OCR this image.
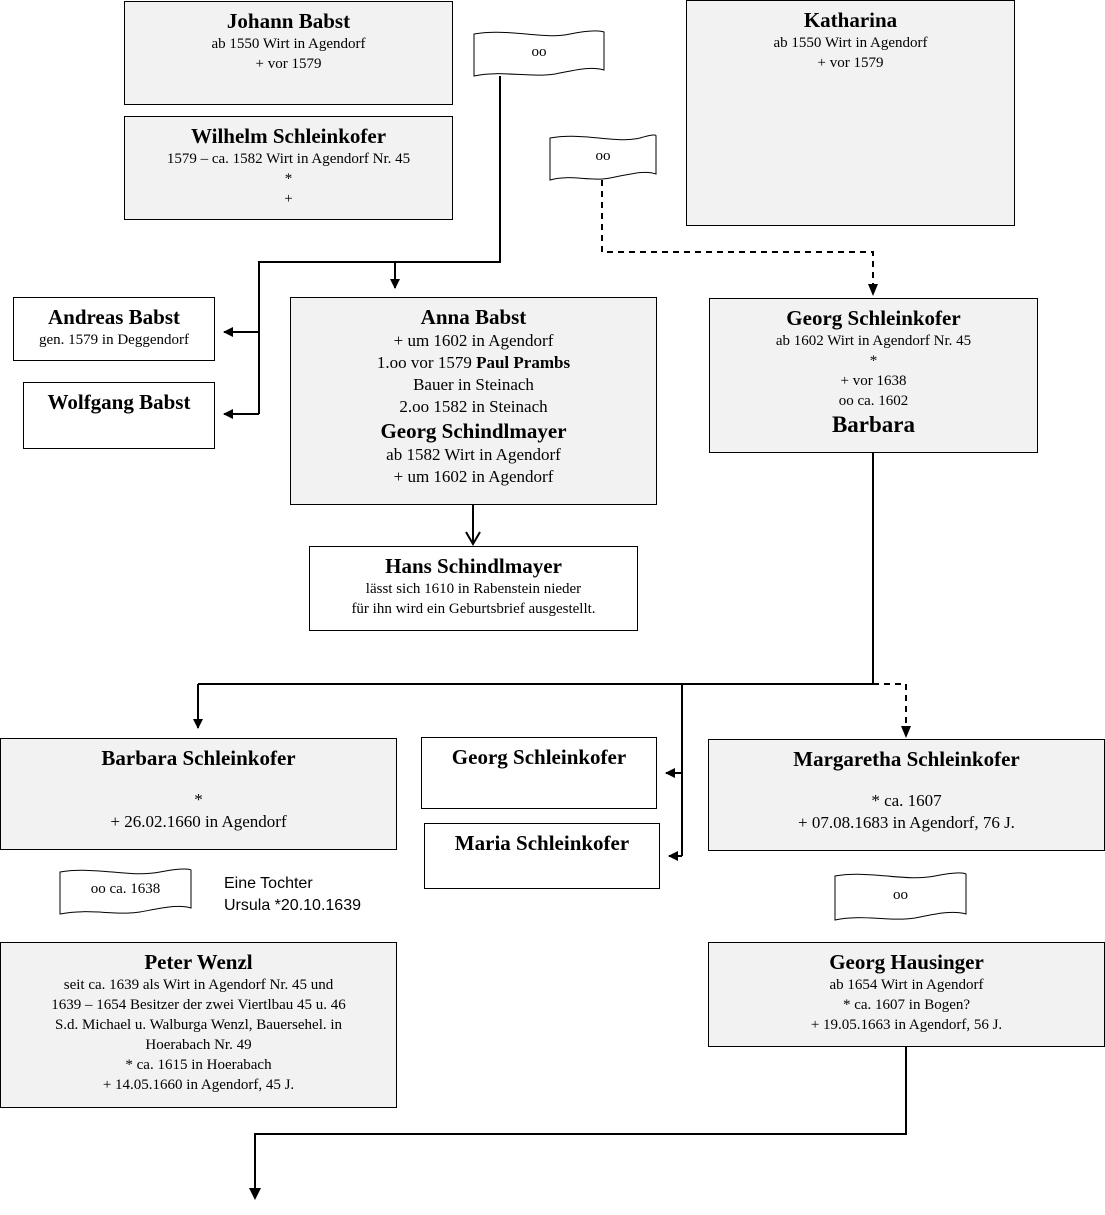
oo
oo
oo ca. 1638	oo
Johann Babst
ab 1550 Wirt in Agendorf
+ vor 1579
Wilhelm Schleinkofer
1579 – ca. 1582 Wirt in Agendorf Nr. 45
*
+
Katharina
ab 1550 Wirt in Agendorf
+ vor 1579
Andreas Babst
gen. 1579 in Deggendorf
Wolfgang Babst
Anna Babst
+ um 1602 in Agendorf
1.oo vor 1579 Paul Prambs
Bauer in Steinach
2.oo 1582 in Steinach
Georg Schindlmayer
ab 1582 Wirt in Agendorf
+ um 1602 in Agendorf
Georg Schleinkofer
ab 1602 Wirt in Agendorf Nr. 45
*
+ vor 1638
oo ca. 1602
Barbara
Hans Schindlmayer
lässt sich 1610 in Rabenstein nieder
für ihn wird ein Geburtsbrief ausgestellt.
Barbara Schleinkofer
*
+ 26.02.1660 in Agendorf
Georg Schleinkofer
Maria Schleinkofer
Margaretha Schleinkofer
* ca. 1607
+ 07.08.1683 in Agendorf, 76 J.
Eine Tochter
Ursula *20.10.1639
Peter Wenzl
seit ca. 1639 als Wirt in Agendorf Nr. 45 und
1639 – 1654 Besitzer der zwei Viertlbau 45 u. 46
S.d. Michael u. Walburga Wenzl, Bauersehel. in
Hoerabach Nr. 49
* ca. 1615 in Hoerabach
+ 14.05.1660 in Agendorf, 45 J.
Georg Hausinger
ab 1654 Wirt in Agendorf
* ca. 1607 in Bogen?
+ 19.05.1663 in Agendorf, 56 J.
